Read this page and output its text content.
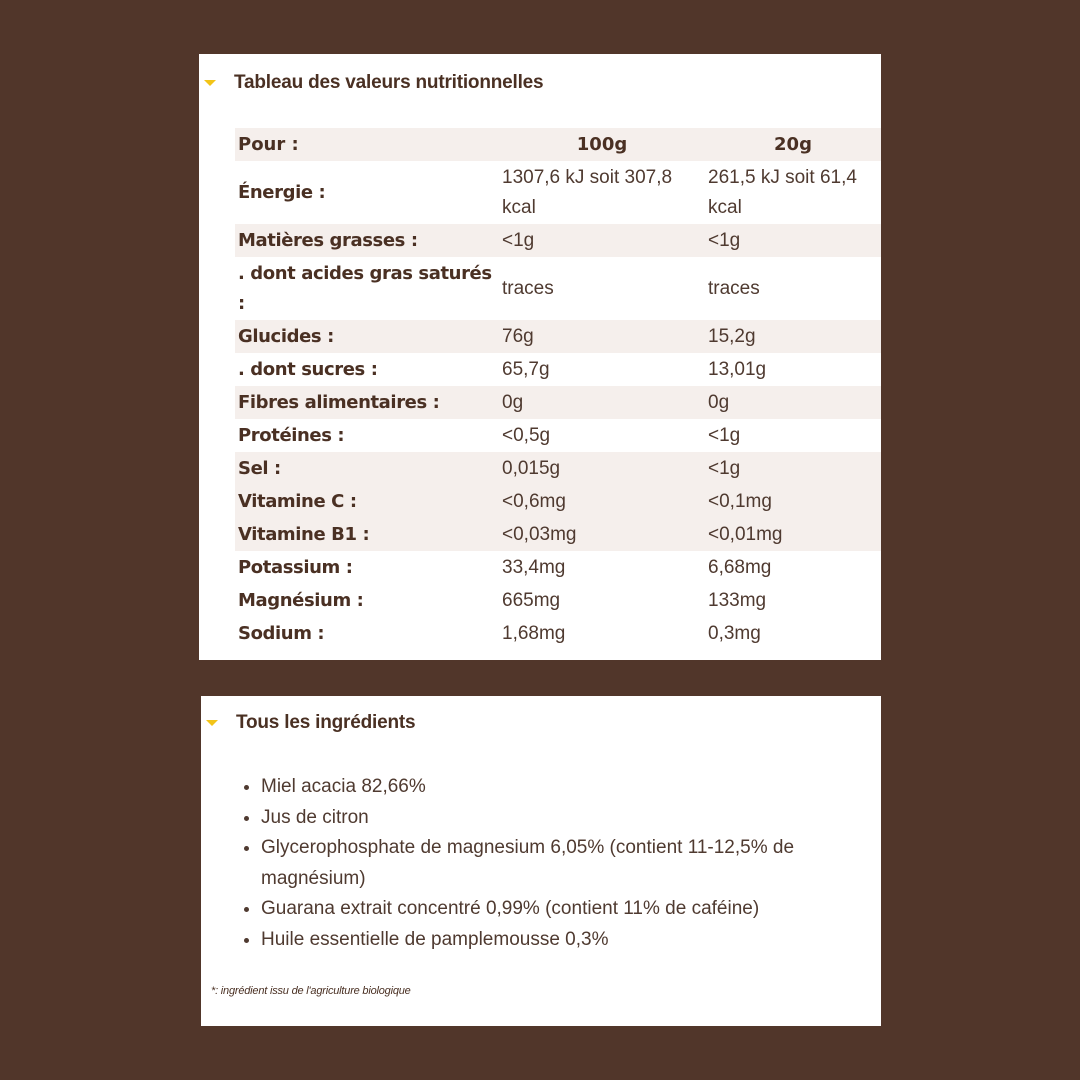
Tableau des valeurs nutritionnelles
Pour :	100g	20g
Énergie :	1307,6 kJ soit 307,8 kcal	261,5 kJ soit 61,4 kcal
Matières grasses :	<1g	<1g
. dont acides gras saturés :	traces	traces
Glucides :	76g	15,2g
. dont sucres :	65,7g	13,01g
Fibres alimentaires :	0g	0g
Protéines :	<0,5g	<1g
Sel :	0,015g	<1g
Vitamine C :	<0,6mg	<0,1mg
Vitamine B1 :	<0,03mg	<0,01mg
Potassium :	33,4mg	6,68mg
Magnésium :	665mg	133mg
Sodium :	1,68mg	0,3mg
Tous les ingrédients
• Miel acacia 82,66%
• Jus de citron
• Glycerophosphate de magnesium 6,05% (contient 11-12,5% de magnésium)
• Guarana extrait concentré 0,99% (contient 11% de caféine)
• Huile essentielle de pamplemousse 0,3%
*: ingrédient issu de l'agriculture biologique
